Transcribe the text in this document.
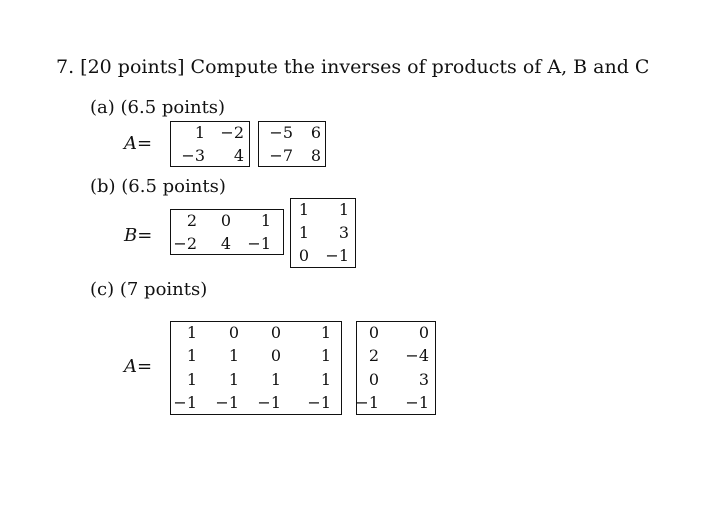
7. [20 points] Compute the inverses of products of A, B and C
(a) (6.5 points)
A=
1 −2
−3	4
−5	6
−7	8
(b) (6.5 points)
B=
2	0	1
−2	4	−1
1	1
1	3
0	−1
(c) (7 points)
A=
1	0	0	1
1	1	0	1
1	1	1	1
−1	−1	−1	−1
0	0
2	−4
0	3
−1	−1
